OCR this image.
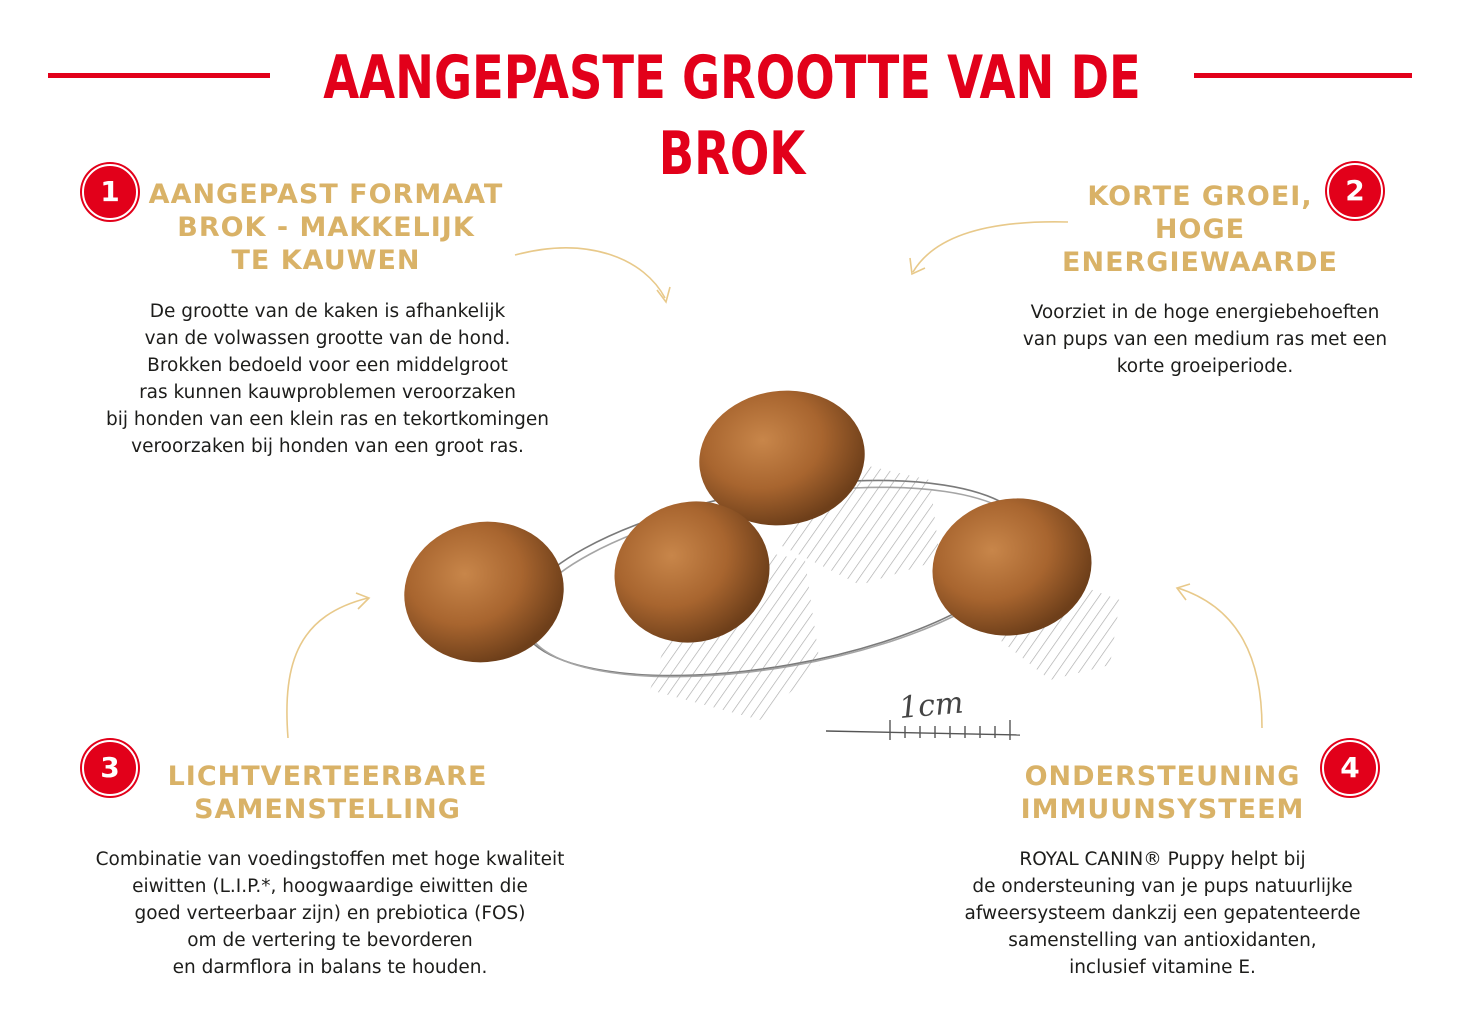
AANGEPASTE GROOTTE VAN DE BROK
1cm
1	AANGEPAST FORMAAT
BROK - MAKKELIJK
TE KAUWEN

De grootte van de kaken is afhankelijk
van de volwassen grootte van de hond.
Brokken bedoeld voor een middelgroot
ras kunnen kauwproblemen veroorzaken
bij honden van een klein ras en tekortkomingen
veroorzaken bij honden van een groot ras.

2
KORTE GROEI,
HOGE
ENERGIEWAARDE

Voorziet in de hoge energiebehoeften
van pups van een medium ras met een
korte groeiperiode.

3	LICHTVERTEERBARE
SAMENSTELLING

Combinatie van voedingstoffen met hoge kwaliteit
eiwitten (L.I.P.*, hoogwaardige eiwitten die
goed verteerbaar zijn) en prebiotica (FOS)
om de vertering te bevorderen
en darmflora in balans te houden.

4
ONDERSTEUNING
IMMUUNSYSTEEM

ROYAL CANIN® Puppy helpt bij
de ondersteuning van je pups natuurlijke
afweersysteem dankzij een gepatenteerde
samenstelling van antioxidanten,
inclusief vitamine E.
